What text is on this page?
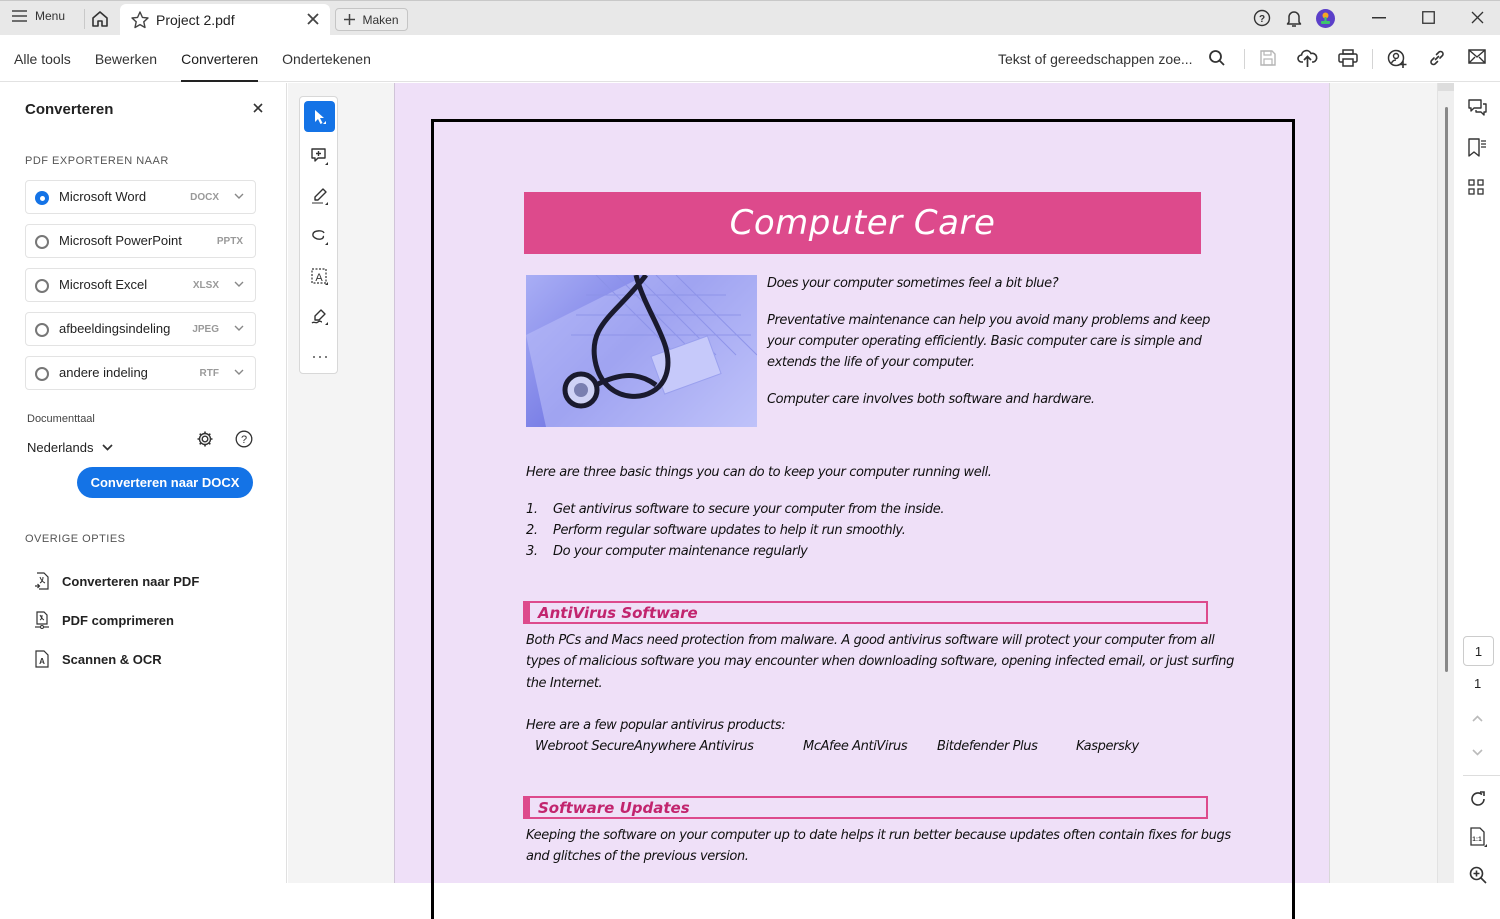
Menu	Project 2.pdf	Maken	?
Alle tools Bewerken Converteren Ondertekenen	Tekst of gereedschappen zoe...
Converteren
PDF EXPORTEREN NAAR
Microsoft Word	DOCX
Microsoft PowerPoint	PPTX
Microsoft Excel	XLSX
afbeeldingsindeling JPEG
andere indeling	RTF
Documenttaal
Nederlands	?
Converteren naar DOCX
OVERIGE OPTIES
Converteren naar PDF
PDF comprimeren
A Scannen & OCR
A
Computer Care
Does your computer sometimes feel a bit blue?
Preventative maintenance can help you avoid many problems and keep
your computer operating efficiently. Basic computer care is simple and
extends the life of your computer.
Computer care involves both software and hardware.
Here are three basic things you can do to keep your computer running well.
1. Get antivirus software to secure your computer from the inside.
2. Perform regular software updates to help it run smoothly.
3. Do your computer maintenance regularly
AntiVirus Software
Both PCs and Macs need protection from malware. A good antivirus software will protect your computer from all
types of malicious software you may encounter when downloading software, opening infected email, or just surfing
the Internet.
Here are a few popular antivirus products:
Webroot SecureAnywhere Antivirus	McAfee AntiVirus Bitdefender Plus	Kaspersky
Software Updates
Keeping the software on your computer up to date helps it run better because updates often contain fixes for bugs
and glitches of the previous version.
1
1
1:1
